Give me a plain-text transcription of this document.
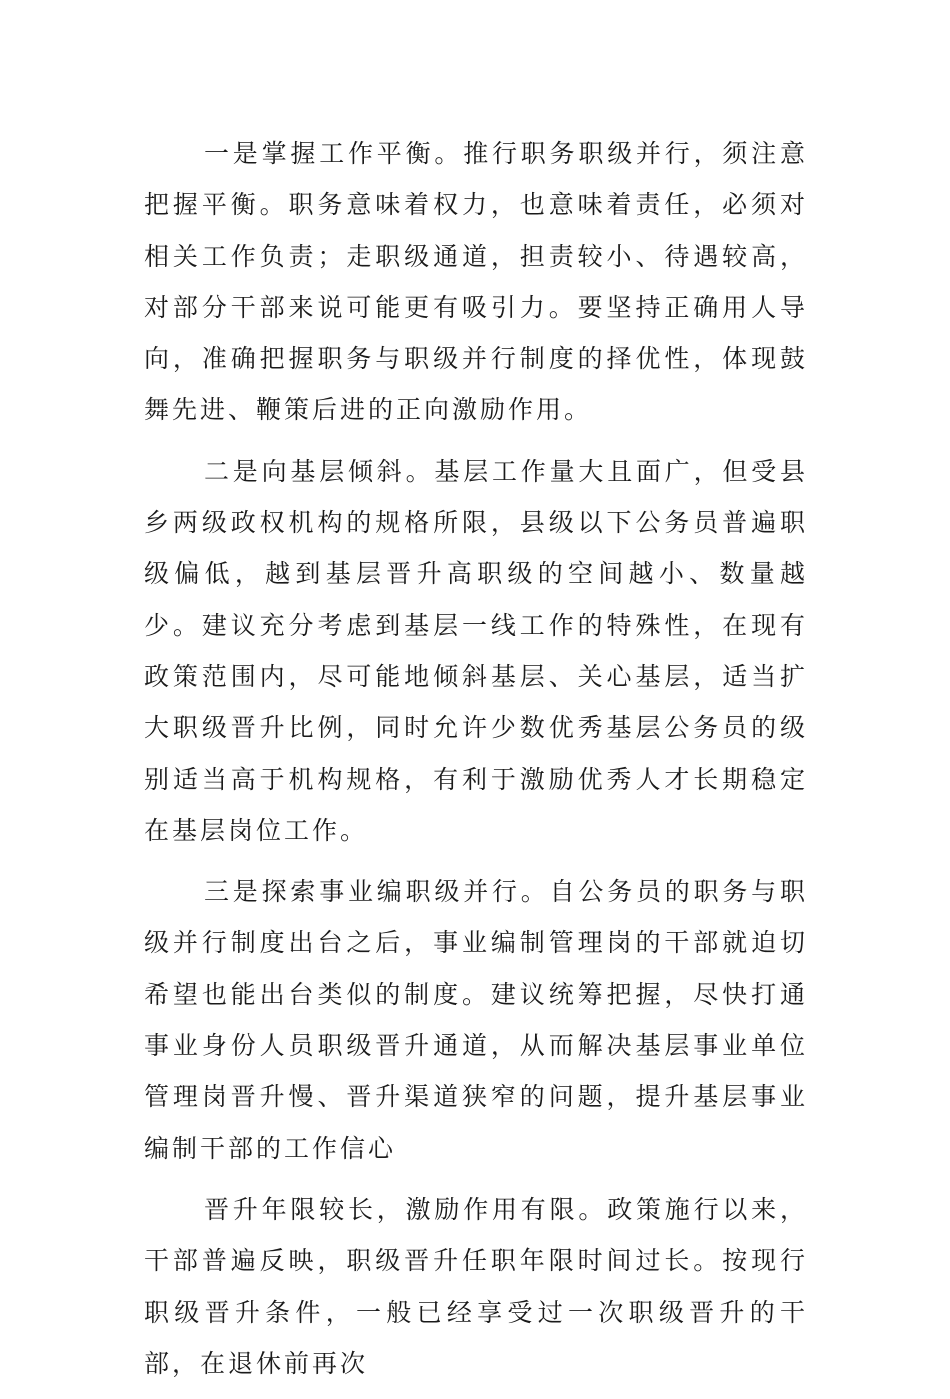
一是掌握工作平衡。推行职务职级并行，须注意把握平衡。职务意味着权力，也意味着责任，必须对相关工作负责；走职级通道，担责较小、待遇较高，对部分干部来说可能更有吸引力。要坚持正确用人导向，准确把握职务与职级并行制度的择优性，体现鼓舞先进、鞭策后进的正向激励作用。

二是向基层倾斜。基层工作量大且面广，但受县乡两级政权机构的规格所限，县级以下公务员普遍职级偏低，越到基层晋升高职级的空间越小、数量越少。建议充分考虑到基层一线工作的特殊性，在现有政策范围内，尽可能地倾斜基层、关心基层，适当扩大职级晋升比例，同时允许少数优秀基层公务员的级别适当高于机构规格，有利于激励优秀人才长期稳定在基层岗位工作。

三是探索事业编职级并行。自公务员的职务与职级并行制度出台之后，事业编制管理岗的干部就迫切希望也能出台类似的制度。建议统筹把握，尽快打通事业身份人员职级晋升通道，从而解决基层事业单位管理岗晋升慢、晋升渠道狭窄的问题，提升基层事业编制干部的工作信心

晋升年限较长，激励作用有限。政策施行以来，干部普遍反映，职级晋升任职年限时间过长。按现行职级晋升条件，一般已经享受过一次职级晋升的干部，在退休前再次
